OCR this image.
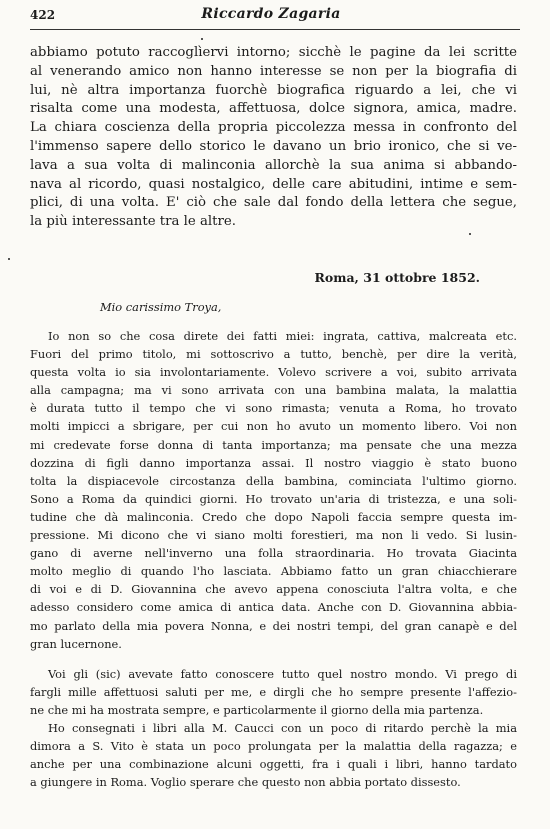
422	Riccardo Zagaria
abbiamo potuto raccoglìervi intorno; sicchè le pagine da lei scritte
al venerando amico non hanno interesse se non per la biografia di
lui, nè altra importanza fuorchè biografica riguardo a lei, che vi
risalta come una modesta, affettuosa, dolce signora, amica, madre.
La chiara coscienza della propria piccolezza messa in confronto del
l'immenso sapere dello storico le davano un brio ironico, che si ve-
lava a sua volta di malinconia allorchè la sua anima si abbando-
nava al ricordo, quasi nostalgico, delle care abitudini, intime e sem-
plici, di una volta. E' ciò che sale dal fondo della lettera che segue,
la più interessante tra le altre.
Roma, 31 ottobre 1852.
Mio carissimo Troya,
Io non so che cosa direte dei fatti miei: ingrata, cattiva, malcreata etc.
Fuori del primo titolo, mi sottoscrivo a tutto, benchè, per dire la verità,
questa volta io sia involontariamente. Volevo scrivere a voi, subito arrivata
alla campagna; ma vi sono arrivata con una bambina malata, la malattia
è durata tutto il tempo che vi sono rimasta; venuta a Roma, ho trovato
molti impicci a sbrigare, per cui non ho avuto un momento libero. Voi non
mi credevate forse donna di tanta importanza; ma pensate che una mezza
dozzina di figli danno importanza assai. Il nostro viaggio è stato buono
tolta la dispiacevole circostanza della bambina, cominciata l'ultimo giorno.
Sono a Roma da quindici giorni. Ho trovato un'aria di tristezza, e una soli-
tudine che dà malinconia. Credo che dopo Napoli faccia sempre questa im-
pressione. Mi dicono che vi siano molti forestieri, ma non li vedo. Si lusin-
gano di averne nell'inverno una folla straordinaria. Ho trovata Giacinta
molto meglio di quando l'ho lasciata. Abbiamo fatto un gran chiacchierare
di voi e di D. Giovannina che avevo appena conosciuta l'altra volta, e che
adesso considero come amica di antica data. Anche con D. Giovannina abbia-
mo parlato della mia povera Nonna, e dei nostri tempi, del gran canapè e del
gran lucernone.
Voi gli (sic) avevate fatto conoscere tutto quel nostro mondo. Vi prego di
fargli mille affettuosi saluti per me, e dirgli che ho sempre presente l'affezio-
ne che mi ha mostrata sempre, e particolarmente il giorno della mia partenza.
Ho consegnati i libri alla M. Caucci con un poco di ritardo perchè la mia
dimora a S. Vito è stata un poco prolungata per la malattia della ragazza; e
anche per una combinazione alcuni oggetti, fra i quali i libri, hanno tardato
a giungere in Roma. Voglio sperare che questo non abbia portato dissesto.
